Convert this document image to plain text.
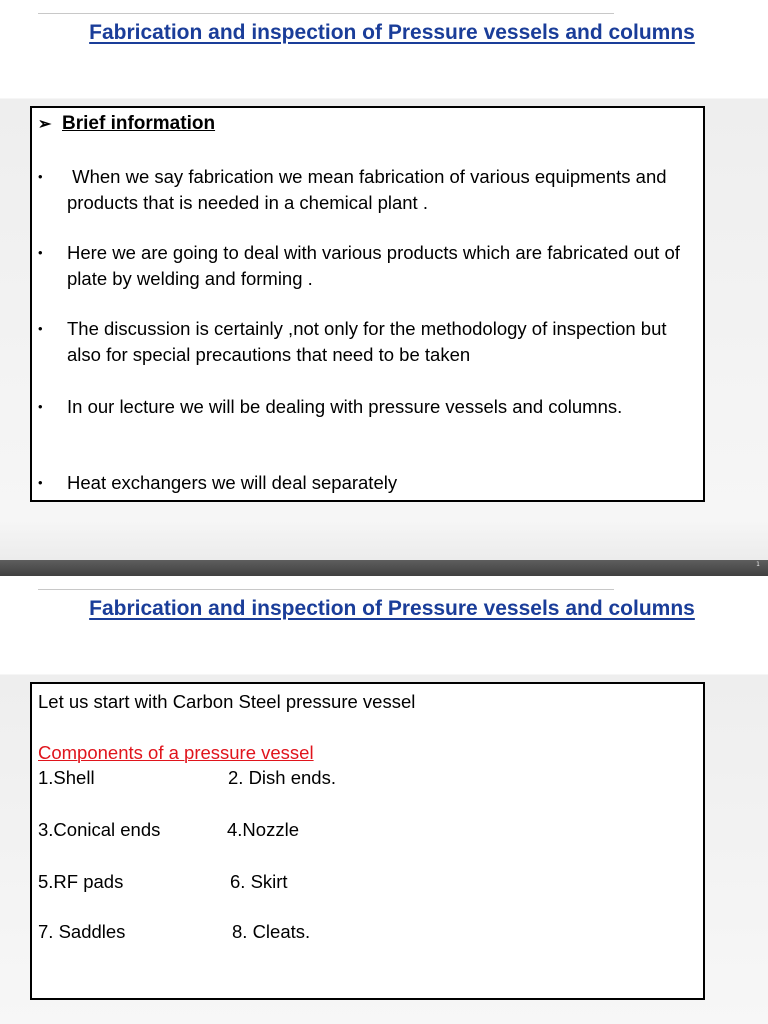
Fabrication and inspection of Pressure vessels and columns
➢ Brief information
• When we say fabrication we mean fabrication of various equipments and products that is needed in a chemical plant .
• Here we are going to deal with various products which are fabricated out of plate by welding and forming .
• The discussion is certainly ,not only for the methodology of inspection but also for special precautions that need to be taken
• In our lecture we will be dealing with pressure vessels and columns.
• Heat exchangers we will deal separately
1
Fabrication and inspection of Pressure vessels and columns
Let us start with Carbon Steel pressure vessel
Components of a pressure vessel
1.Shell	2. Dish ends.
3.Conical ends	4.Nozzle
5.RF pads	6. Skirt
7. Saddles	8. Cleats.
